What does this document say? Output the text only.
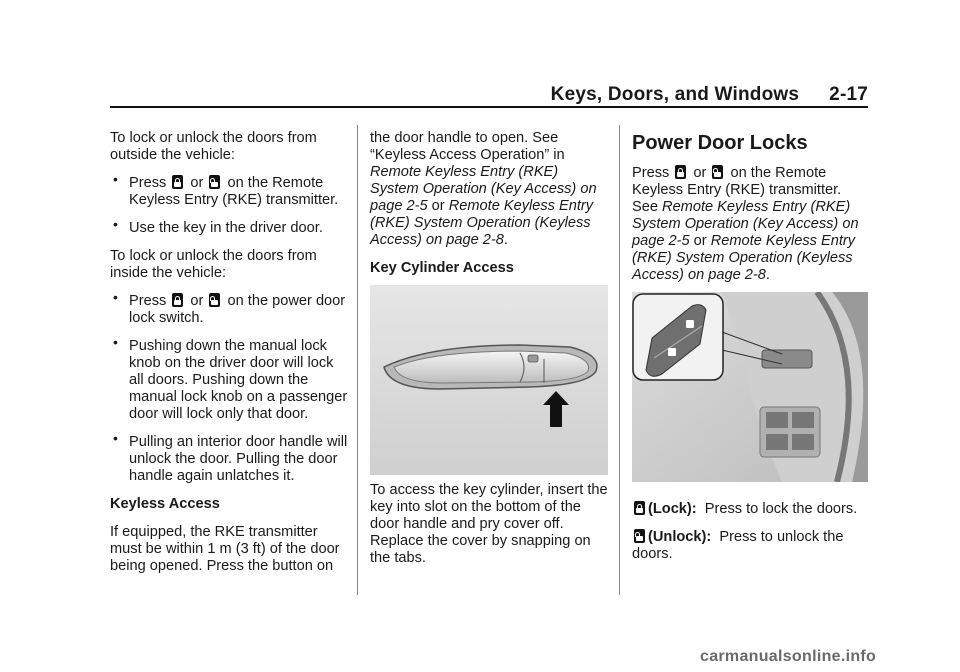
Keys, Doors, and Windows 2-17

To lock or unlock the doors from outside the vehicle:

• Press  or  on the Remote Keyless Entry (RKE) transmitter.
• Use the key in the driver door.

To lock or unlock the doors from inside the vehicle:

• Press  or  on the power door lock switch.
• Pushing down the manual lock knob on the driver door will lock all doors. Pushing down the manual lock knob on a passenger door will lock only that door.
• Pulling an interior door handle will unlock the door. Pulling the door handle again unlatches it.

Keyless Access

If equipped, the RKE transmitter must be within 1 m (3 ft) of the door being opened. Press the button on

the door handle to open. See “Keyless Access Operation” in Remote Keyless Entry (RKE) System Operation (Key Access) on page 2-5 or Remote Keyless Entry (RKE) System Operation (Keyless Access) on page 2-8.

Key Cylinder Access

To access the key cylinder, insert the key into slot on the bottom of the door handle and pry cover off. Replace the cover by snapping on the tabs.
Power Door Locks

Press  or  on the Remote Keyless Entry (RKE) transmitter. See Remote Keyless Entry (RKE) System Operation (Key Access) on page 2-5 or Remote Keyless Entry (RKE) System Operation (Keyless Access) on page 2-8.

(Lock): Press to lock the doors.

(Unlock): Press to unlock the doors.

carmanualsonline.info
